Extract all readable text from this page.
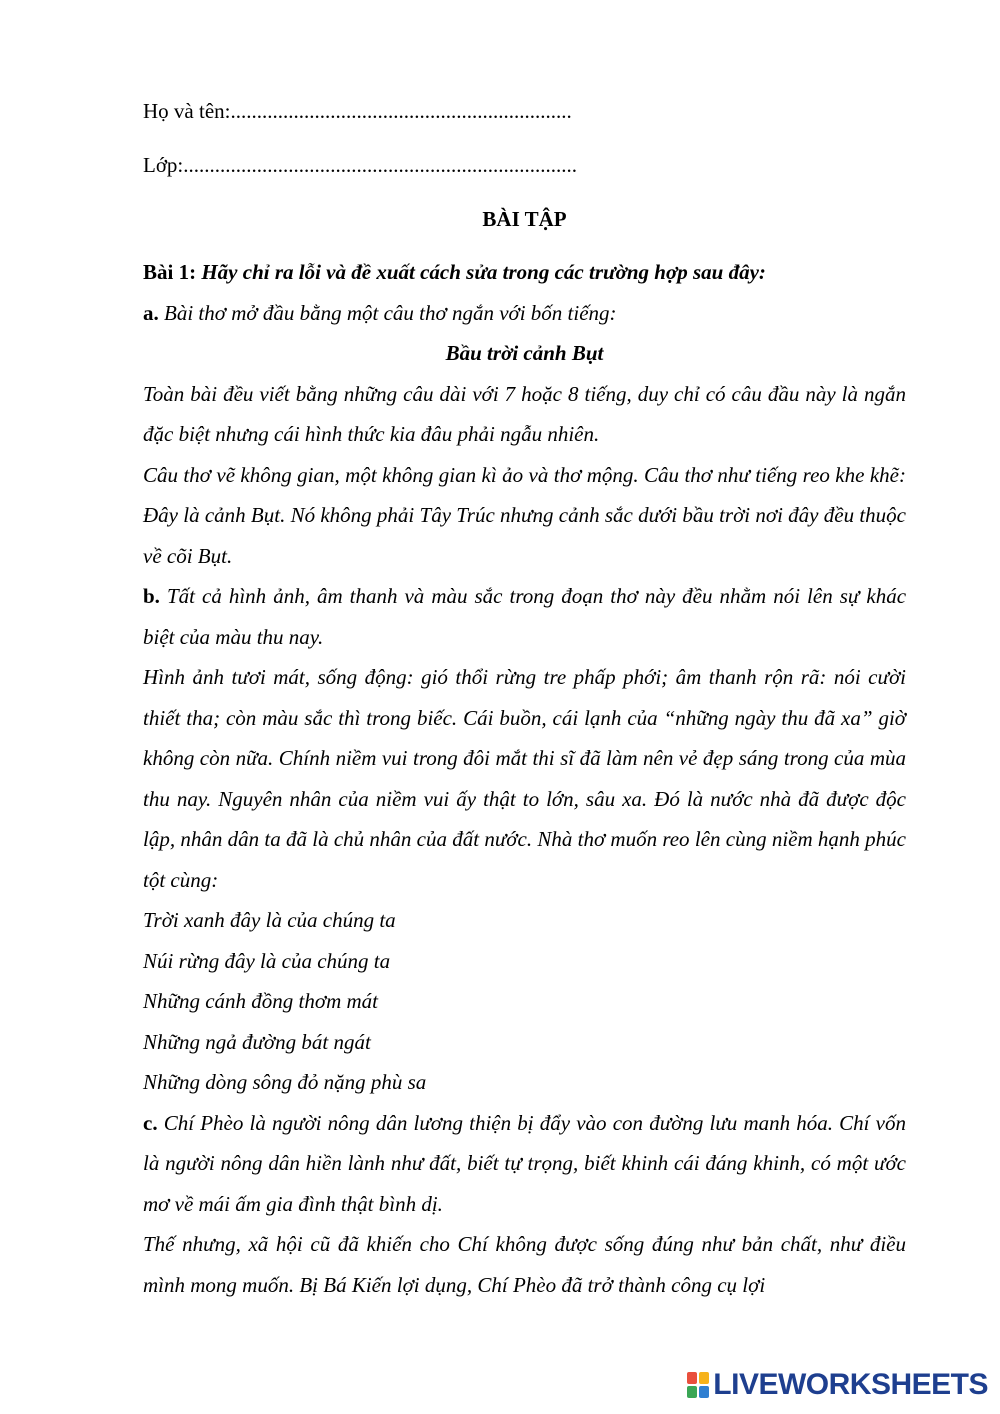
Họ và tên:.................................................................
Lớp:...........................................................................
BÀI TẬP

Bài 1: Hãy chỉ ra lỗi và đề xuất cách sửa trong các trường hợp sau đây:

a. Bài thơ mở đầu bằng một câu thơ ngắn với bốn tiếng:

Bầu trời cảnh Bụt

Toàn bài đều viết bằng những câu dài với 7 hoặc 8 tiếng, duy chỉ có câu đầu này là ngắn đặc biệt nhưng cái hình thức kia đâu phải ngẫu nhiên.

Câu thơ vẽ không gian, một không gian kì ảo và thơ mộng. Câu thơ như tiếng reo khe khẽ: Đây là cảnh Bụt. Nó không phải Tây Trúc nhưng cảnh sắc dưới bầu trời nơi đây đều thuộc về cõi Bụt.

b. Tất cả hình ảnh, âm thanh và màu sắc trong đoạn thơ này đều nhằm nói lên sự khác biệt của màu thu nay.

Hình ảnh tươi mát, sống động: gió thổi rừng tre phấp phới; âm thanh rộn rã: nói cười thiết tha; còn màu sắc thì trong biếc. Cái buồn, cái lạnh của “những ngày thu đã xa” giờ không còn nữa. Chính niềm vui trong đôi mắt thi sĩ đã làm nên vẻ đẹp sáng trong của mùa thu nay. Nguyên nhân của niềm vui ấy thật to lớn, sâu xa. Đó là nước nhà đã được độc lập, nhân dân ta đã là chủ nhân của đất nước. Nhà thơ muốn reo lên cùng niềm hạnh phúc tột cùng:

Trời xanh đây là của chúng ta

Núi rừng đây là của chúng ta

Những cánh đồng thơm mát

Những ngả đường bát ngát

Những dòng sông đỏ nặng phù sa

c. Chí Phèo là người nông dân lương thiện bị đẩy vào con đường lưu manh hóa. Chí vốn là người nông dân hiền lành như đất, biết tự trọng, biết khinh cái đáng khinh, có một ước mơ về mái ấm gia đình thật bình dị.

Thế nhưng, xã hội cũ đã khiến cho Chí không được sống đúng như bản chất, như điều mình mong muốn. Bị Bá Kiến lợi dụng, Chí Phèo đã trở thành công cụ lợi

LIVEWORKSHEETS
